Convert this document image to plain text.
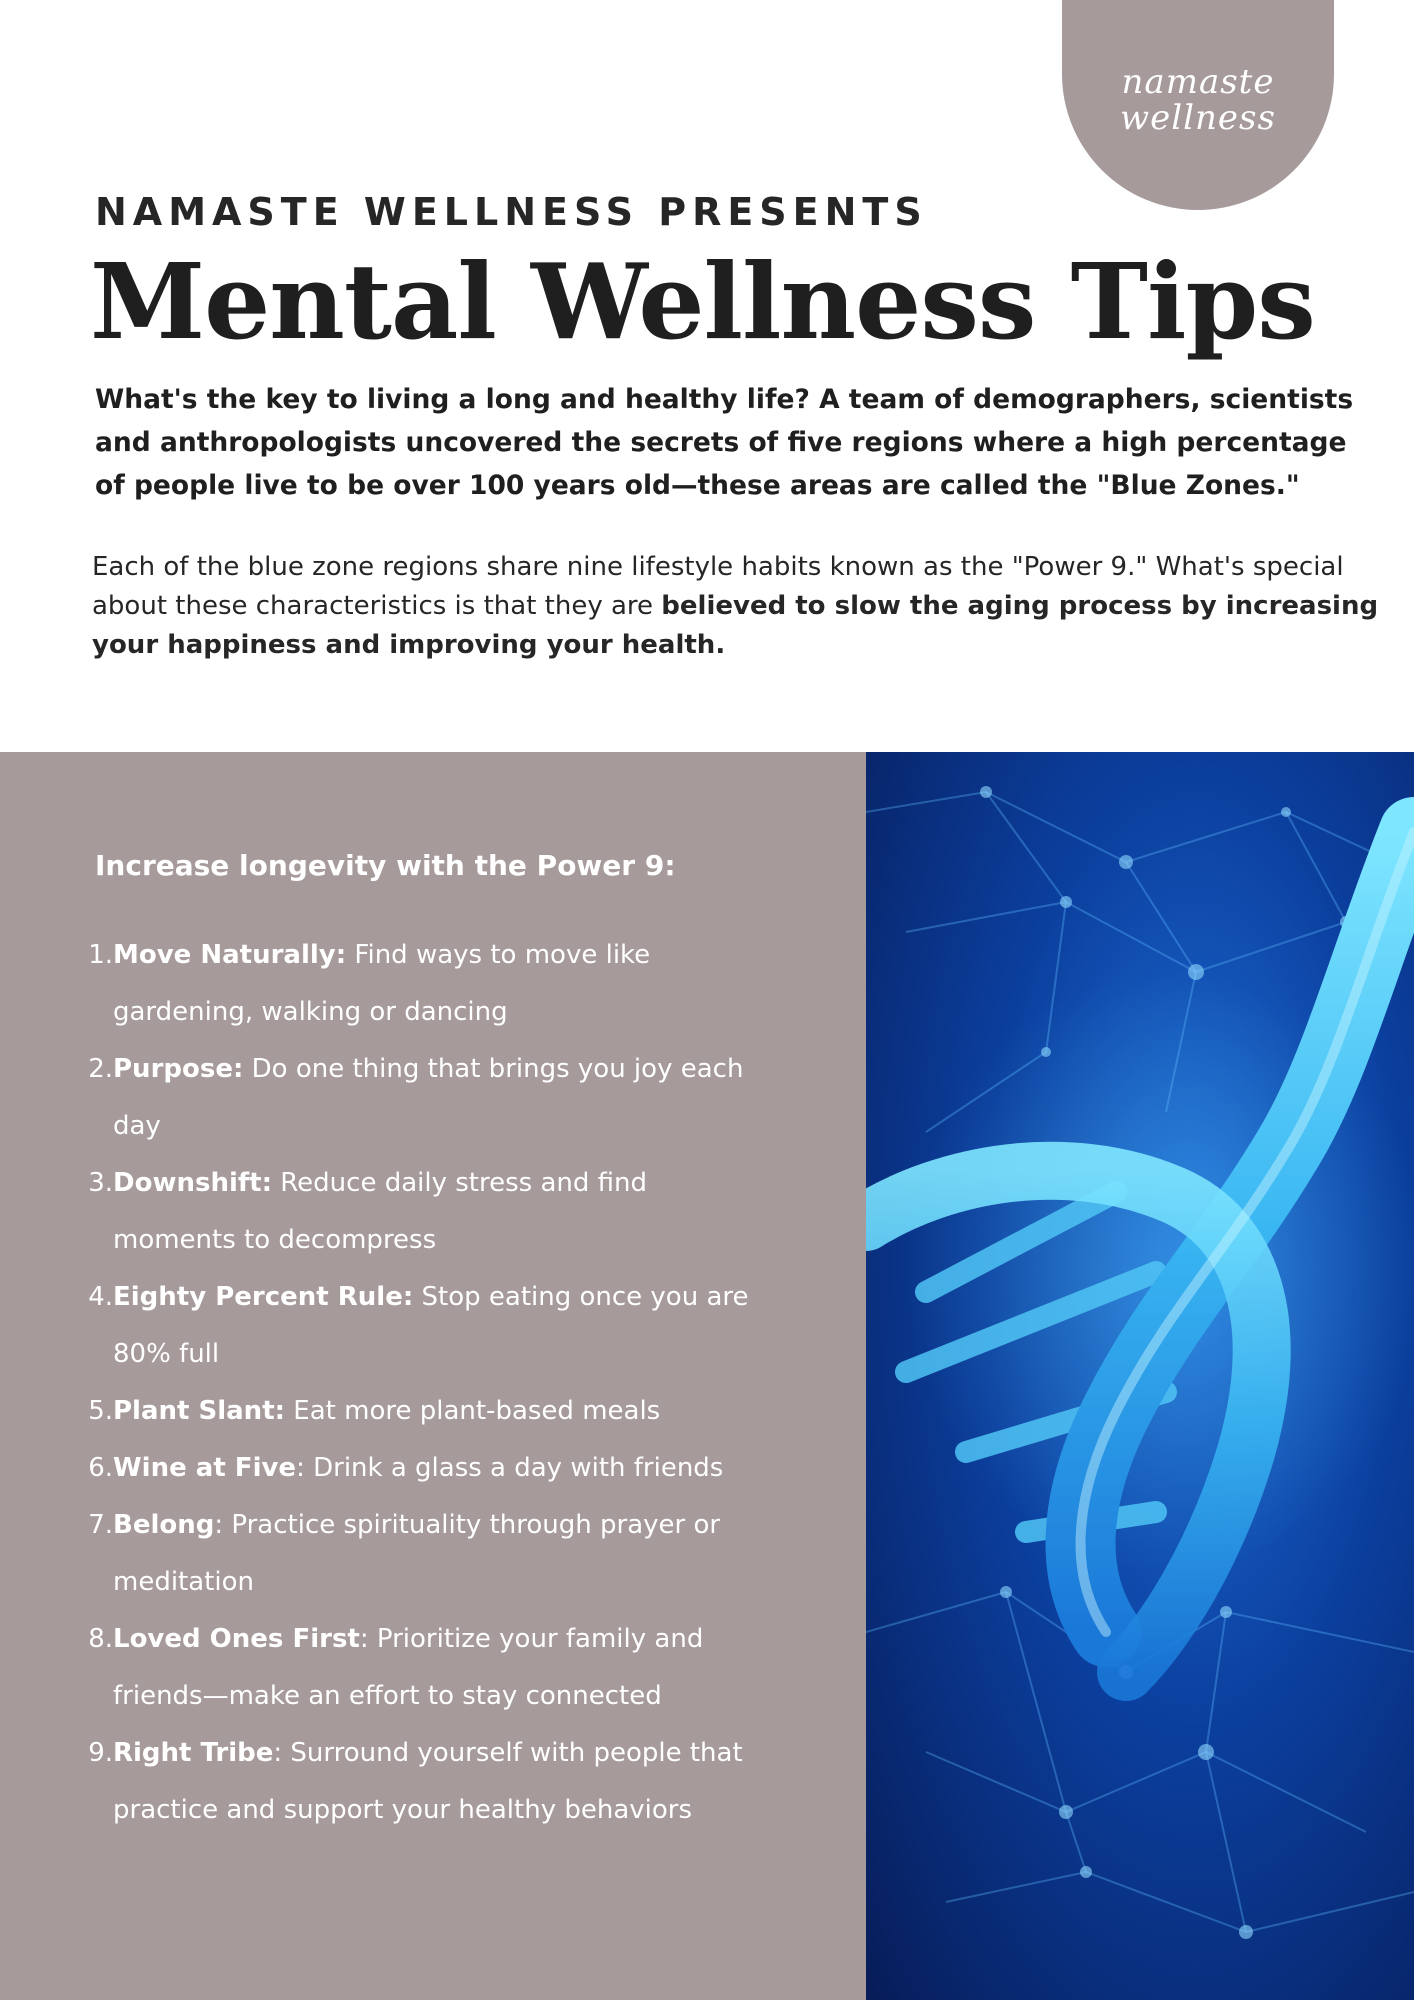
namaste
wellness
NAMASTE WELLNESS PRESENTS
Mental Wellness Tips

What's the key to living a long and healthy life? A team of demographers, scientists and anthropologists uncovered the secrets of five regions where a high percentage of people live to be over 100 years old—these areas are called the "Blue Zones."

Each of the blue zone regions share nine lifestyle habits known as the "Power 9." What's special about these characteristics is that they are believed to slow the aging process by increasing your happiness and improving your health.

Increase longevity with the Power 9:
1. Move Naturally: Find ways to move like gardening, walking or dancing
2. Purpose: Do one thing that brings you joy each day
3. Downshift: Reduce daily stress and find moments to decompress
4. Eighty Percent Rule: Stop eating once you are 80% full
5. Plant Slant: Eat more plant-based meals
6. Wine at Five: Drink a glass a day with friends
7. Belong: Practice spirituality through prayer or meditation
8. Loved Ones First: Prioritize your family and friends—make an effort to stay connected
9. Right Tribe: Surround yourself with people that practice and support your healthy behaviors
